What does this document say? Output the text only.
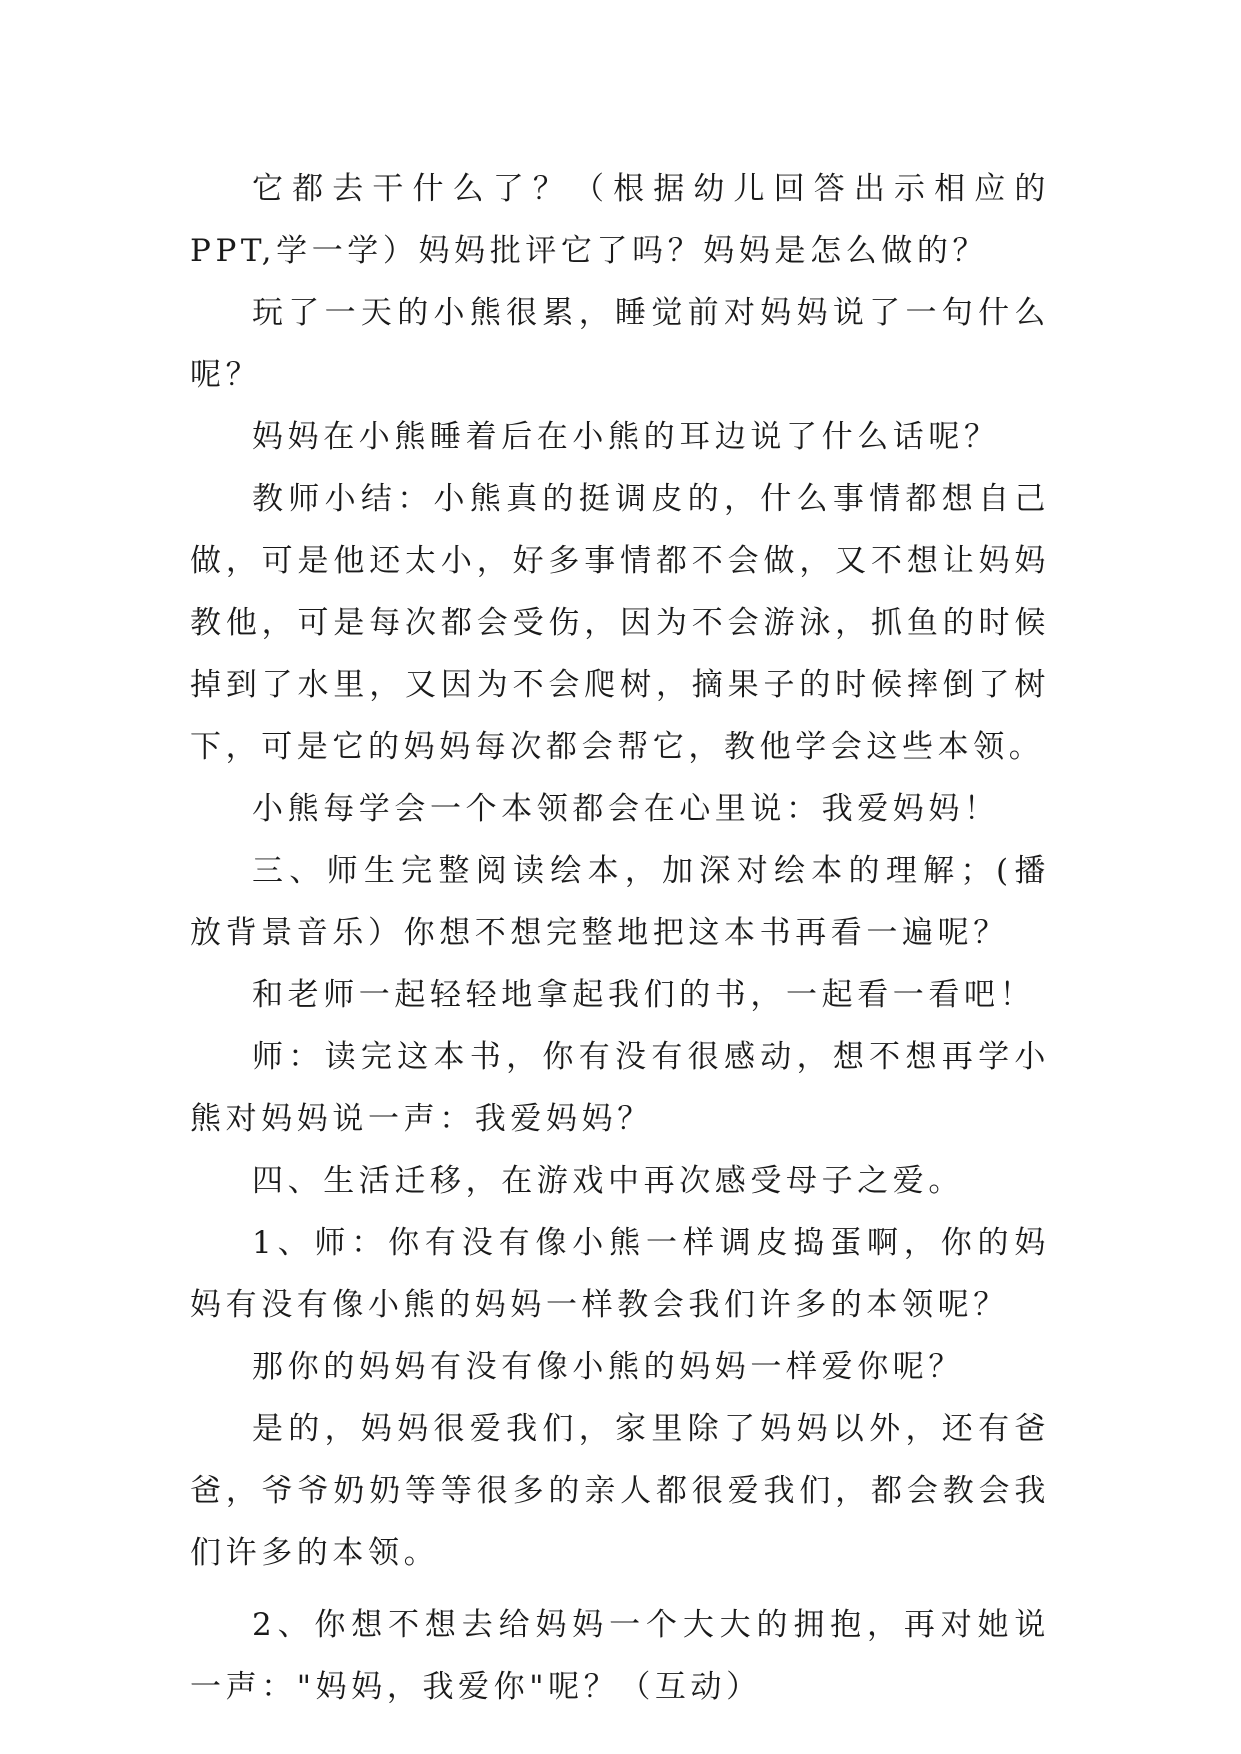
它都去干什么了？（根据幼儿回答出示相应的PPT,学一学）妈妈批评它了吗？妈妈是怎么做的？

玩了一天的小熊很累，睡觉前对妈妈说了一句什么呢？

妈妈在小熊睡着后在小熊的耳边说了什么话呢？

教师小结：小熊真的挺调皮的，什么事情都想自己做，可是他还太小，好多事情都不会做，又不想让妈妈教他，可是每次都会受伤，因为不会游泳，抓鱼的时候掉到了水里，又因为不会爬树，摘果子的时候摔倒了树下，可是它的妈妈每次都会帮它，教他学会这些本领。

小熊每学会一个本领都会在心里说：我爱妈妈！

三、师生完整阅读绘本，加深对绘本的理解；(播放背景音乐）你想不想完整地把这本书再看一遍呢？

和老师一起轻轻地拿起我们的书，一起看一看吧！

师：读完这本书，你有没有很感动，想不想再学小熊对妈妈说一声：我爱妈妈？

四、生活迁移，在游戏中再次感受母子之爱。

1、师：你有没有像小熊一样调皮捣蛋啊，你的妈妈有没有像小熊的妈妈一样教会我们许多的本领呢？

那你的妈妈有没有像小熊的妈妈一样爱你呢？

是的，妈妈很爱我们，家里除了妈妈以外，还有爸爸，爷爷奶奶等等很多的亲人都很爱我们，都会教会我们许多的本领。

2、你想不想去给妈妈一个大大的拥抱，再对她说一声："妈妈，我爱你"呢？（互动）
